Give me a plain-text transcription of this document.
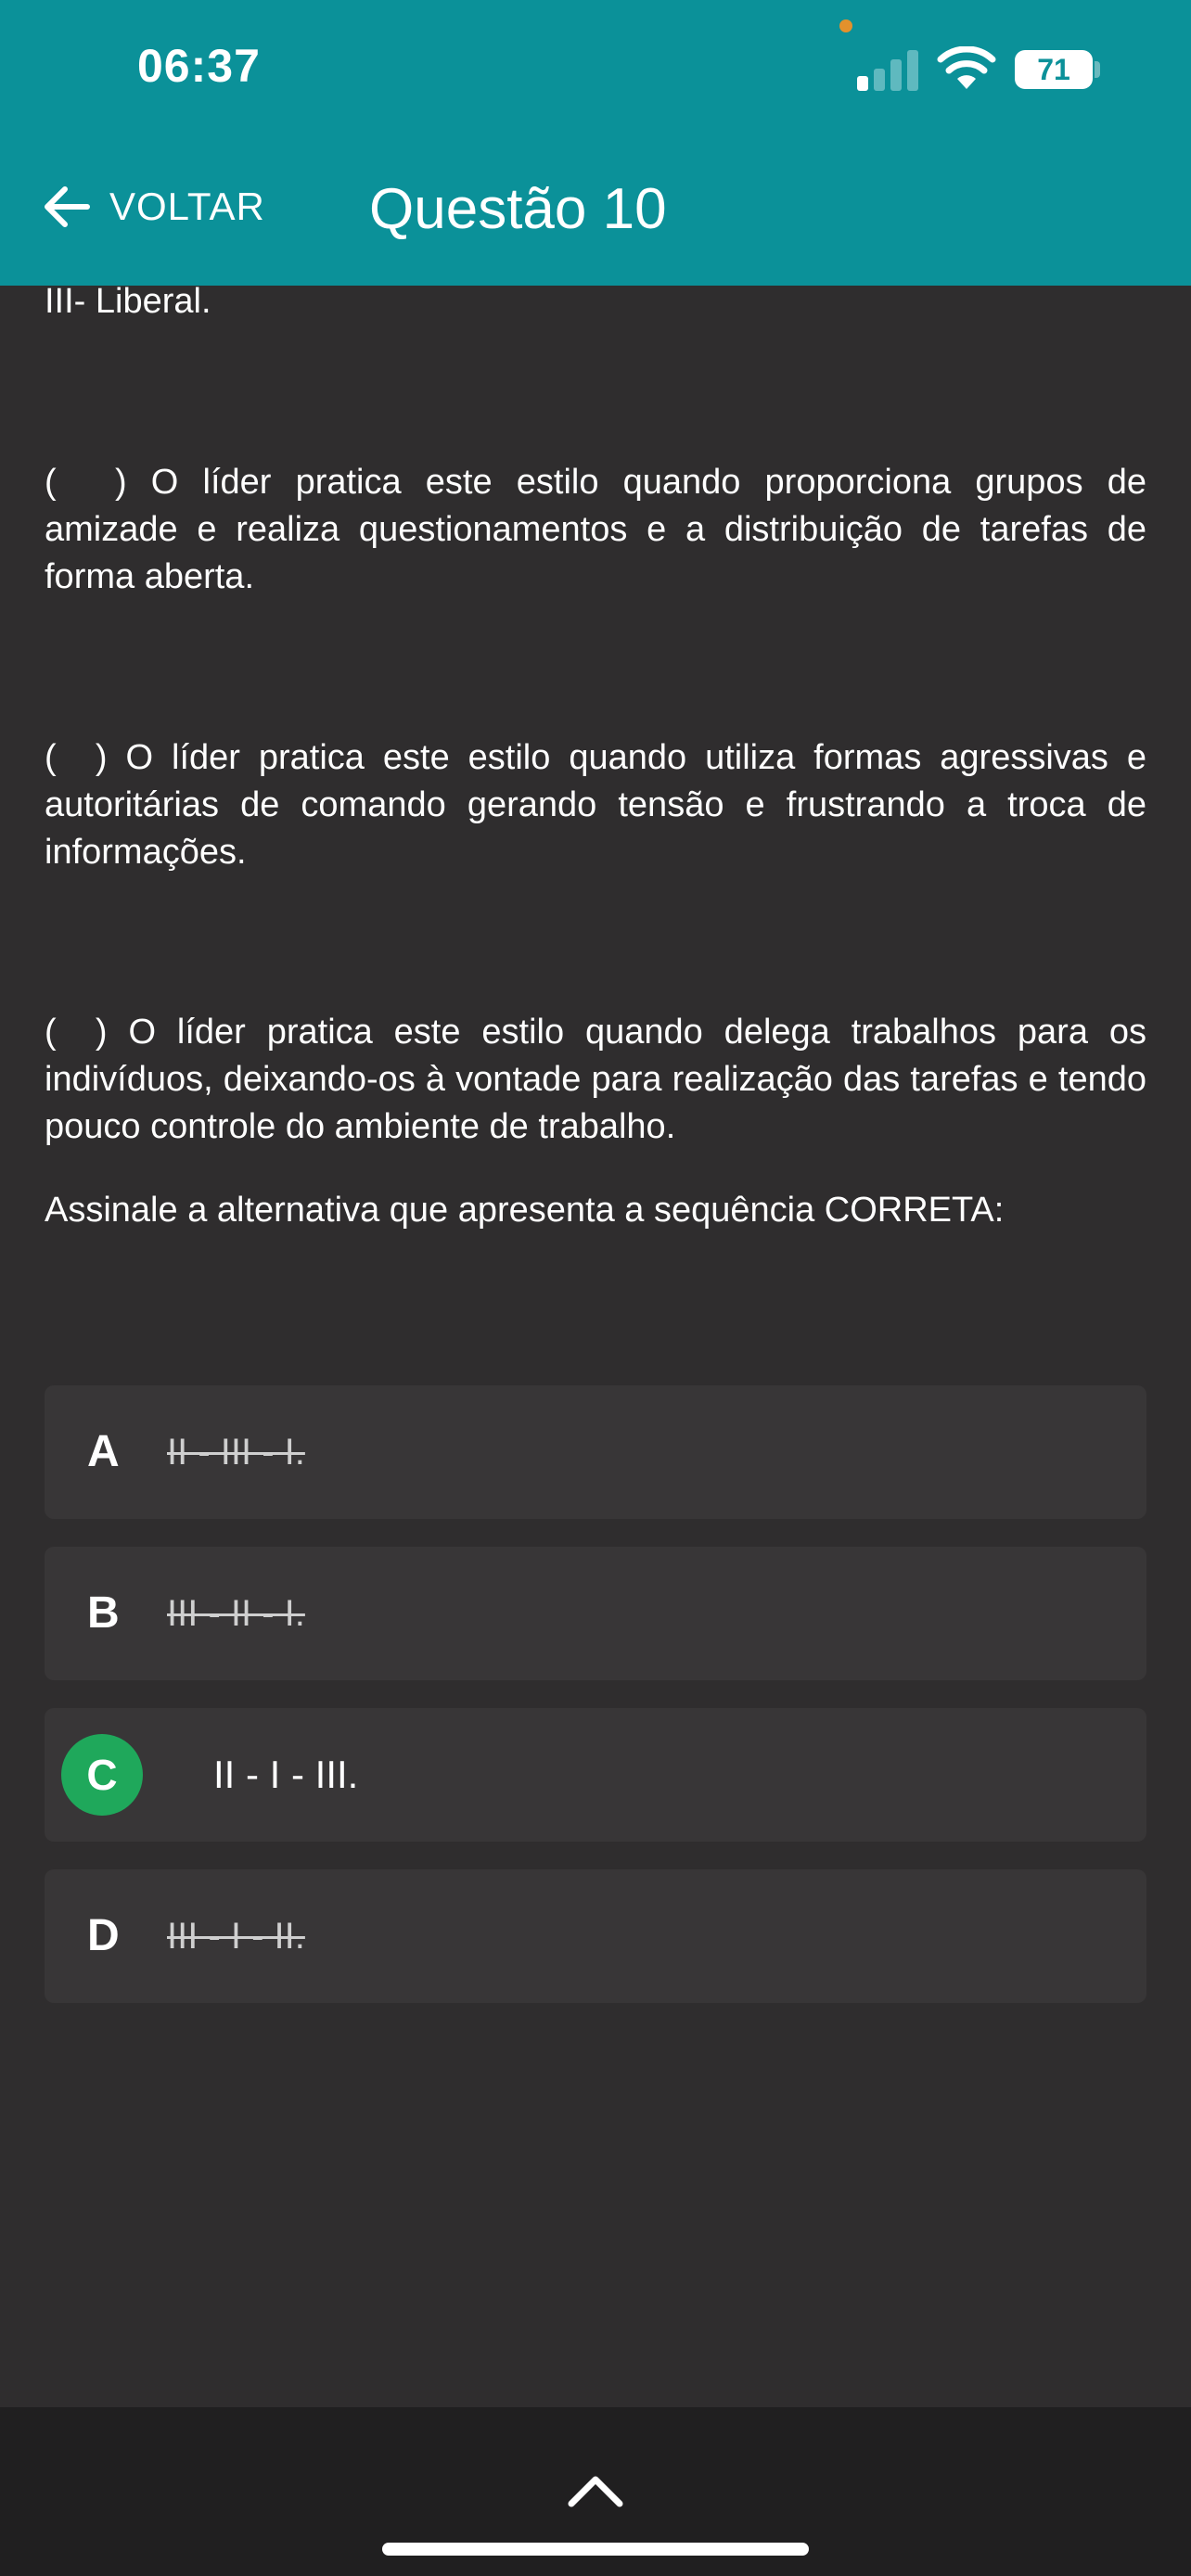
06:37	71
VOLTAR Questão 10

III- Liberal.

(      ) O líder pratica este estilo quando proporciona grupos de amizade e realiza questionamentos e a distribuição de tarefas de forma aberta.

(    ) O líder pratica este estilo quando utiliza formas agressivas e autoritárias de comando gerando tensão e frustrando a troca de informações.

(    ) O líder pratica este estilo quando delega trabalhos para os indivíduos, deixando-os à vontade para realização das tarefas e tendo pouco controle do ambiente de trabalho.

Assinale a alternativa que apresenta a sequência CORRETA:

A II - III - I.
B III - II - I.
C	II - I - III.
D III - I - II.
